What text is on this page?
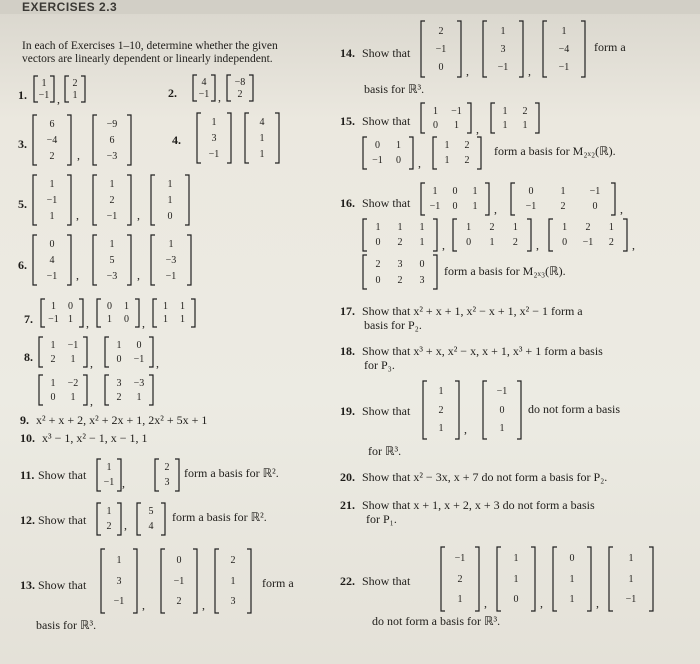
EXERCISES 2.3
In each of Exercises 1–10, determine whether the given
vectors are linearly dependent or linearly independent.
1.
1
−1 ,
2
1	2.
4
−1 ,
−8
2
3.
6
−4
2	,
−9
6
−3
4.
1
3
−1
4
1
1
5.
1
−1
1	,
1
2
−1	,
1
1
0
6.
0
4
−1	,
1
5
−3	,
1
−3
−1
7.
1	0
−1 1	,
0	1
1	0	,
1	1
1	1
8.
1	−1
2	1	,
1	0
0	−1 ,
1	−2
0	1	,
3	−3
2	1
9. x² + x + 2, x² + 2x + 1, 2x² + 5x + 1
10. x³ − 1, x² − 1, x − 1, 1
11. Show that
1
−1 ,
2
3
form a basis for ℝ².
12. Show that
1
2	,
5
4
form a basis for ℝ².
13. Show that
1
3
−1	,
0
−1
2	,
2
1
3
form a
basis for ℝ³.
14. Show that
2
−1
0	,
1
3
−1	,
1
−4
−1
form a
basis for ℝ³.
15. Show that
1	−1
0	1	,
1	2
1	1
0	1
−1	0	,
1	2
1	2
form a basis for M₂ₓ₂(ℝ).
16. Show that
1	0	1
−1	0	1	,
0	1	−1
−1	2	0	,
1	1	1
0	2	1	,
1	2	1
0	1	2	,
1	2	1
0	−1	2	,
2	3	0
0	2	3
form a basis for M₂ₓ₃(ℝ).
17. Show that x² + x + 1, x² − x + 1, x² − 1 form a
basis for P₂.
18. Show that x³ + x, x² − x, x + 1, x³ + 1 form a basis
for P₃.
19. Show that
1
2
1	,
−1
0
1
do not form a basis
for ℝ³.
20. Show that x² − 3x, x + 7 do not form a basis for P₂.
21. Show that x + 1, x + 2, x + 3 do not form a basis
for P₁.
22. Show that
−1
2
1	,
1
1
0	,
0
1
1	,
1
1
−1
do not form a basis for ℝ³.
